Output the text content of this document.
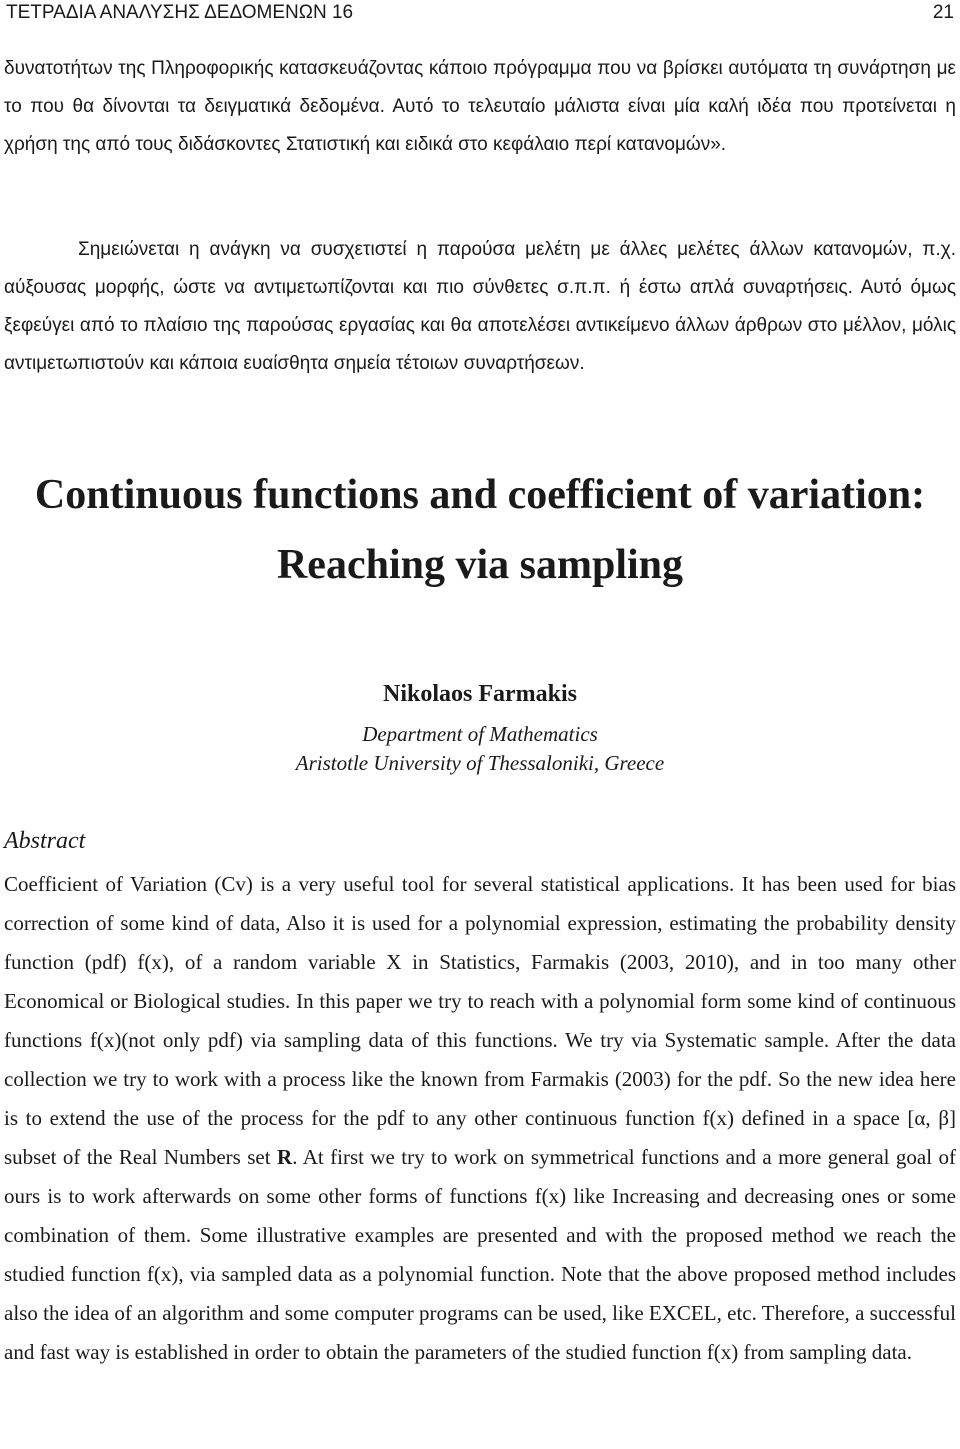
ΤΕΤΡΑΔΙΑ ΑΝΑΛΥΣΗΣ ΔΕΔΟΜΕΝΩΝ 16	21

δυνατοτήτων της Πληροφορικής κατασκευάζοντας κάποιο πρόγραμμα που να βρίσκει αυτόματα τη συνάρτηση με το που θα δίνονται τα δειγματικά δεδομένα. Αυτό το τελευταίο μάλιστα είναι μία καλή ιδέα που προτείνεται η χρήση της από τους διδάσκοντες Στατιστική και ειδικά στο κεφάλαιο περί κατανομών».

Σημειώνεται η ανάγκη να συσχετιστεί η παρούσα μελέτη με άλλες μελέτες άλλων κατανομών, π.χ. αύξουσας μορφής, ώστε να αντιμετωπίζονται και πιο σύνθετες σ.π.π. ή έστω απλά συναρτήσεις. Αυτό όμως ξεφεύγει από το πλαίσιο της παρούσας εργασίας και θα αποτελέσει αντικείμενο άλλων άρθρων στο μέλλον, μόλις αντιμετωπιστούν και κάποια ευαίσθητα σημεία τέτοιων συναρτήσεων.

Continuous functions and coefficient of variation:
Reaching via sampling

Nikolaos Farmakis

Department of Mathematics

Aristotle University of Thessaloniki, Greece

Abstract

Coefficient of Variation (Cv) is a very useful tool for several statistical applications. It has been used for bias correction of some kind of data, Also it is used for a polynomial expression, estimating the probability density function (pdf) f(x), of a random variable X in Statistics, Farmakis (2003, 2010), and in too many other Economical or Biological studies. In this paper we try to reach with a polynomial form some kind of continuous functions f(x)(not only pdf) via sampling data of this functions. We try via Systematic sample. After the data collection we try to work with a process like the known from Farmakis (2003) for the pdf. So the new idea here is to extend the use of the process for the pdf to any other continuous function f(x) defined in a space [α, β] subset of the Real Numbers set R. At first we try to work on symmetrical functions and a more general goal of ours is to work afterwards on some other forms of functions f(x) like Increasing and decreasing ones or some combination of them. Some illustrative examples are presented and with the proposed method we reach the studied function f(x), via sampled data as a polynomial function. Note that the above proposed method includes also the idea of an algorithm and some computer programs can be used, like EXCEL, etc. Therefore, a successful and fast way is established in order to obtain the parameters of the studied function f(x) from sampling data.
